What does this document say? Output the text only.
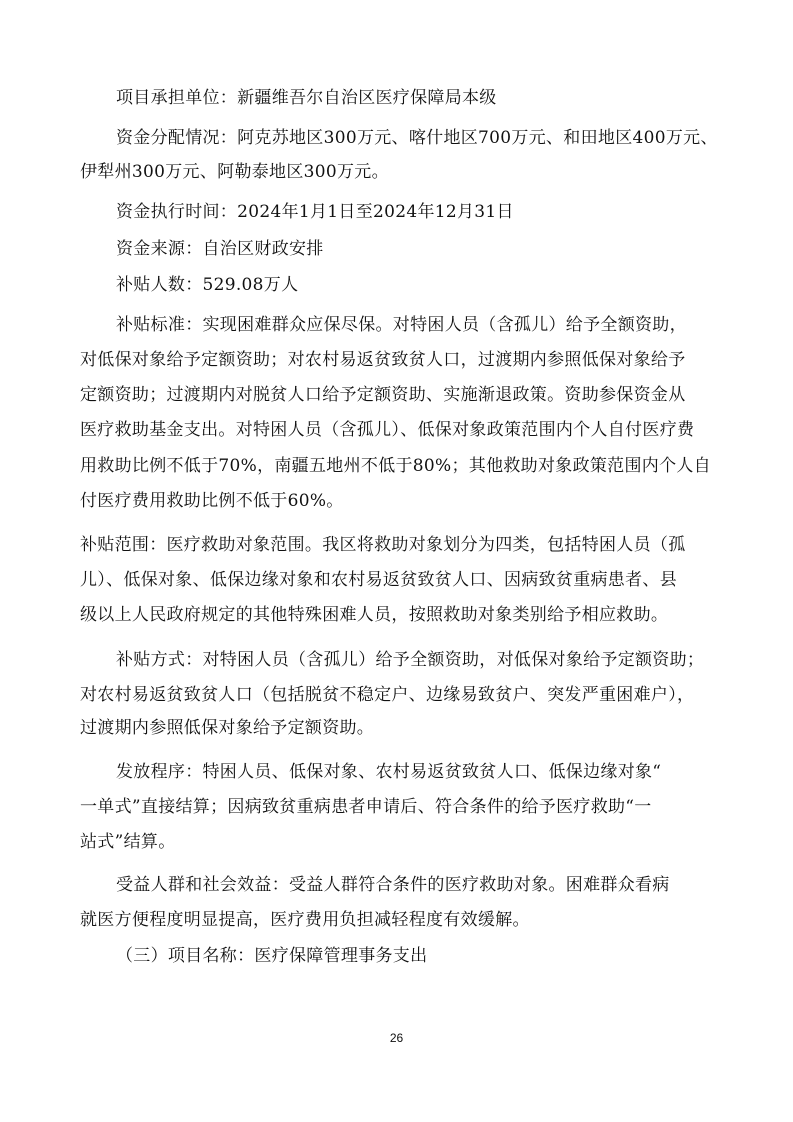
项目承担单位：新疆维吾尔自治区医疗保障局本级
资金分配情况：阿克苏地区300万元、喀什地区700万元、和田地区400万元、
伊犁州300万元、阿勒泰地区300万元。
资金执行时间：2024年1月1日至2024年12月31日
资金来源：自治区财政安排
补贴人数：529.08万人
补贴标准：实现困难群众应保尽保。对特困人员（含孤儿）给予全额资助，
对低保对象给予定额资助；对农村易返贫致贫人口，过渡期内参照低保对象给予
定额资助；过渡期内对脱贫人口给予定额资助、实施渐退政策。资助参保资金从
医疗救助基金支出。对特困人员（含孤儿）、低保对象政策范围内个人自付医疗费
用救助比例不低于70%，南疆五地州不低于80%；其他救助对象政策范围内个人自
付医疗费用救助比例不低于60%。
补贴范围：医疗救助对象范围。我区将救助对象划分为四类，包括特困人员（孤
儿）、低保对象、低保边缘对象和农村易返贫致贫人口、因病致贫重病患者、县
级以上人民政府规定的其他特殊困难人员，按照救助对象类别给予相应救助。
补贴方式：对特困人员（含孤儿）给予全额资助，对低保对象给予定额资助；
对农村易返贫致贫人口（包括脱贫不稳定户、边缘易致贫户、突发严重困难户），
过渡期内参照低保对象给予定额资助。
发放程序：特困人员、低保对象、农村易返贫致贫人口、低保边缘对象“
一单式”直接结算；因病致贫重病患者申请后、符合条件的给予医疗救助“一
站式”结算。
受益人群和社会效益：受益人群符合条件的医疗救助对象。困难群众看病
就医方便程度明显提高，医疗费用负担减轻程度有效缓解。
（三）项目名称：医疗保障管理事务支出
26
